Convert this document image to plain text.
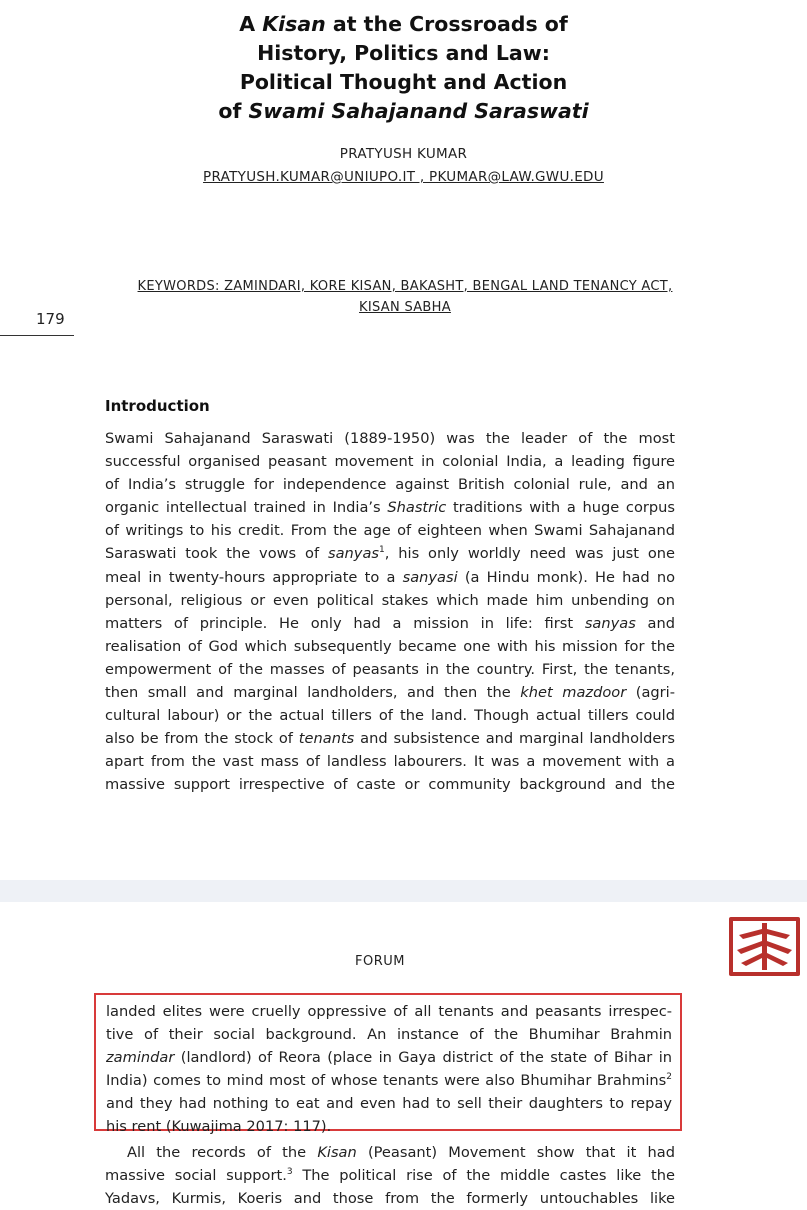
A Kisan at the Crossroads of
History, Politics and Law:
Political Thought and Action
of Swami Sahajanand Saraswati
PRATYUSH KUMAR
PRATYUSH.KUMAR@UNIUPO.IT , PKUMAR@LAW.GWU.EDU
KEYWORDS: ZAMINDARI, KORE KISAN, BAKASHT, BENGAL LAND TENANCY ACT,
KISAN SABHA
179
Introduction
Swami Sahajanand Saraswati (1889-1950) was the leader of the most
successful organised peasant movement in colonial India, a leading figure
of India’s struggle for independence against British colonial rule, and an
organic intellectual trained in India’s Shastric traditions with a huge corpus
of writings to his credit. From the age of eighteen when Swami Sahajanand
Saraswati took the vows of sanyas$^1$, his only worldly need was just one
meal in twenty-hours appropriate to a sanyasi (a Hindu monk). He had no
personal, religious or even political stakes which made him unbending on
matters of principle. He only had a mission in life: first sanyas and
realisation of God which subsequently became one with his mission for the
empowerment of the masses of peasants in the country. First, the tenants,
then small and marginal landholders, and then the khet mazdoor (agri-
cultural labour) or the actual tillers of the land. Though actual tillers could
also be from the stock of tenants and subsistence and marginal landholders
apart from the vast mass of landless labourers. It was a movement with a
massive support irrespective of caste or community background and the
FORUM
landed elites were cruelly oppressive of all tenants and peasants irrespec-
tive of their social background. An instance of the Bhumihar Brahmin
zamindar (landlord) of Reora (place in Gaya district of the state of Bihar in
India) comes to mind most of whose tenants were also Bhumihar Brahmins$^2$
and they had nothing to eat and even had to sell their daughters to repay
his rent (Kuwajima 2017: 117).
All the records of the Kisan (Peasant) Movement show that it had
massive social support.$^3$ The political rise of the middle castes like the
Yadavs, Kurmis, Koeris and those from the formerly untouchables like
